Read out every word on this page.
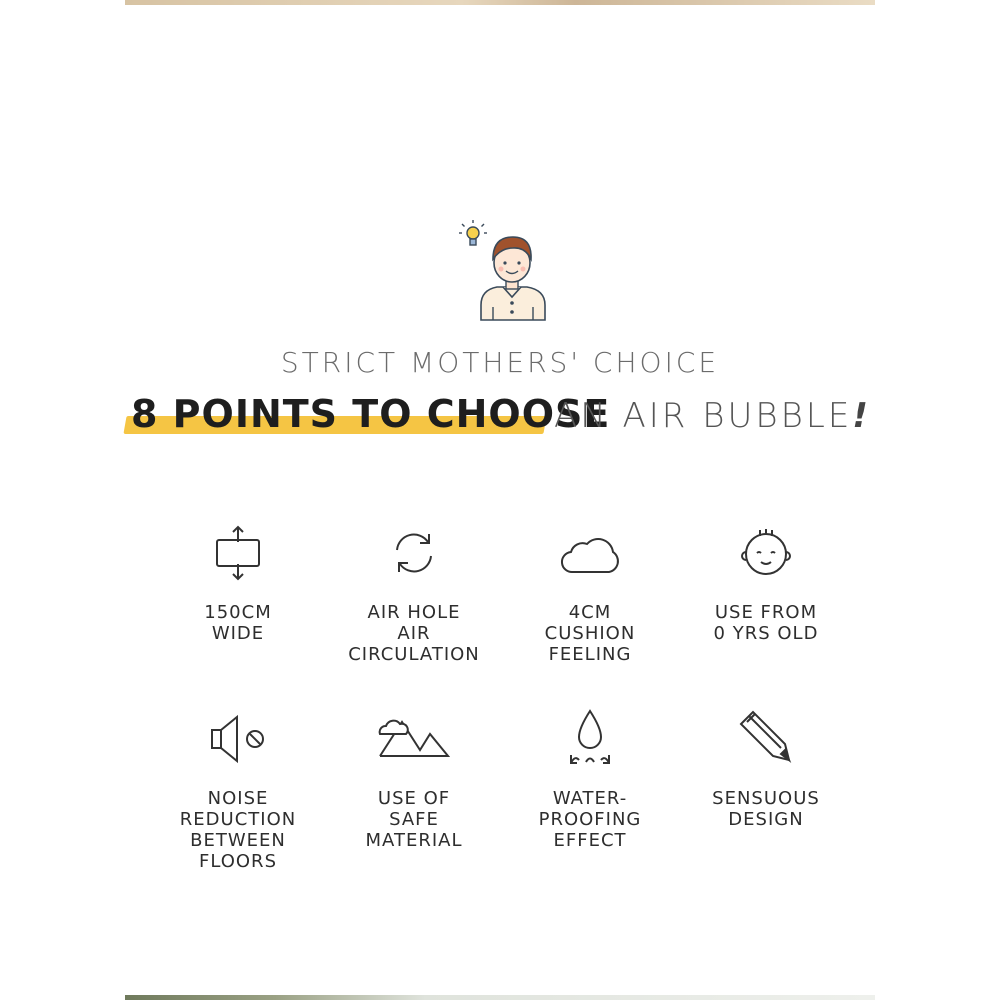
STRICT MOTHERS' CHOICE
8 POINTS TO CHOOSE
AN AIR BUBBLE!
150CM
WIDE
AIR HOLE
AIR
CIRCULATION
4CM
CUSHION
FEELING
USE FROM
0 YRS OLD
NOISE
REDUCTION
BETWEEN
FLOORS
USE OF
SAFE
MATERIAL
WATER-
PROOFING
EFFECT
SENSUOUS
DESIGN
